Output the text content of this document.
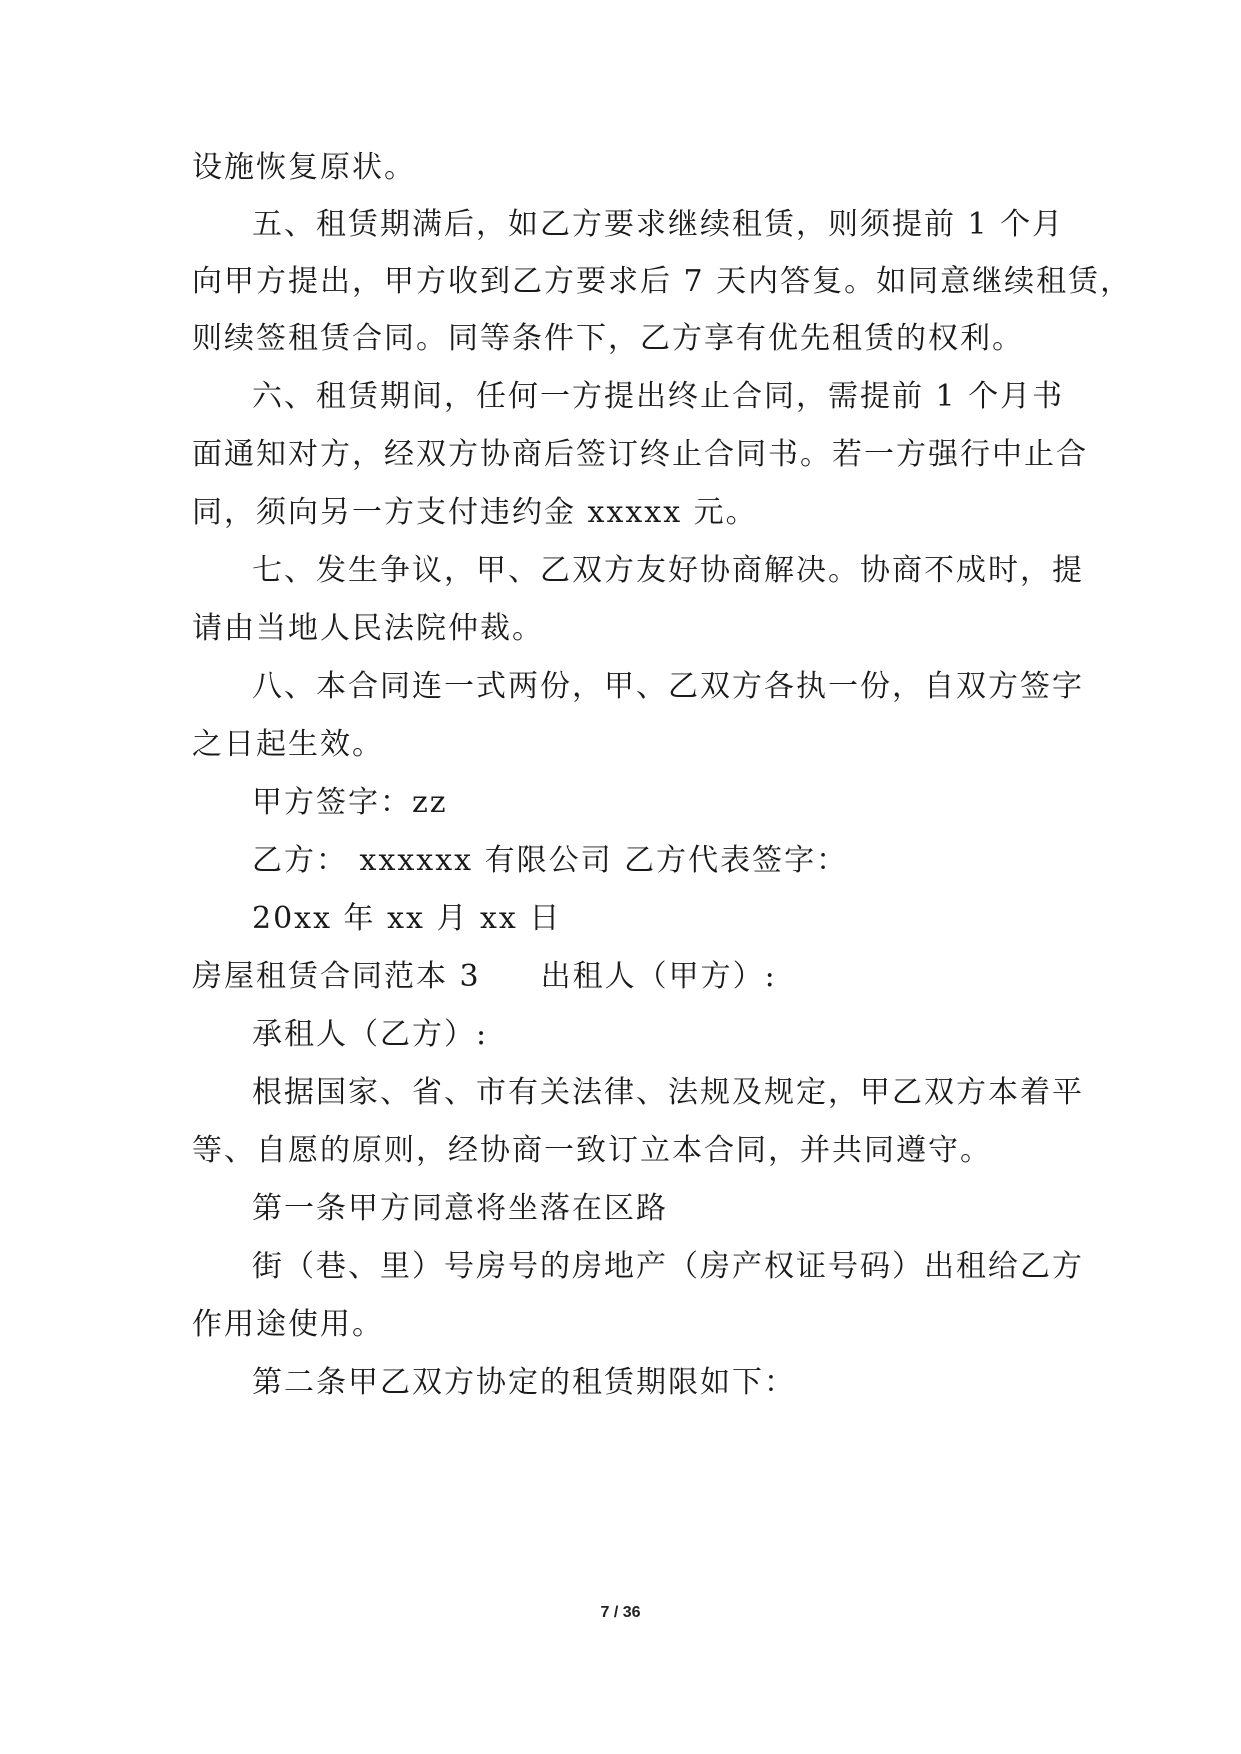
设施恢复原状。
五、租赁期满后，如乙方要求继续租赁，则须提前 1 个月
向甲方提出，甲方收到乙方要求后 7 天内答复。如同意继续租赁，
则续签租赁合同。同等条件下，乙方享有优先租赁的权利。
六、租赁期间，任何一方提出终止合同，需提前 1 个月书
面通知对方，经双方协商后签订终止合同书。若一方强行中止合
同，须向另一方支付违约金 xxxxx 元。
七、发生争议，甲、乙双方友好协商解决。协商不成时，提
请由当地人民法院仲裁。
八、本合同连一式两份，甲、乙双方各执一份，自双方签字
之日起生效。
甲方签字：zz
乙方： xxxxxx 有限公司 乙方代表签字：
20xx 年 xx 月 xx 日
房屋租赁合同范本 3 出租人（甲方）:
承租人（乙方）:
根据国家、省、市有关法律、法规及规定，甲乙双方本着平
等、自愿的原则，经协商一致订立本合同，并共同遵守。
第一条甲方同意将坐落在区路
街（巷、里）号房号的房地产（房产权证号码）出租给乙方
作用途使用。
第二条甲乙双方协定的租赁期限如下：
7 / 36
